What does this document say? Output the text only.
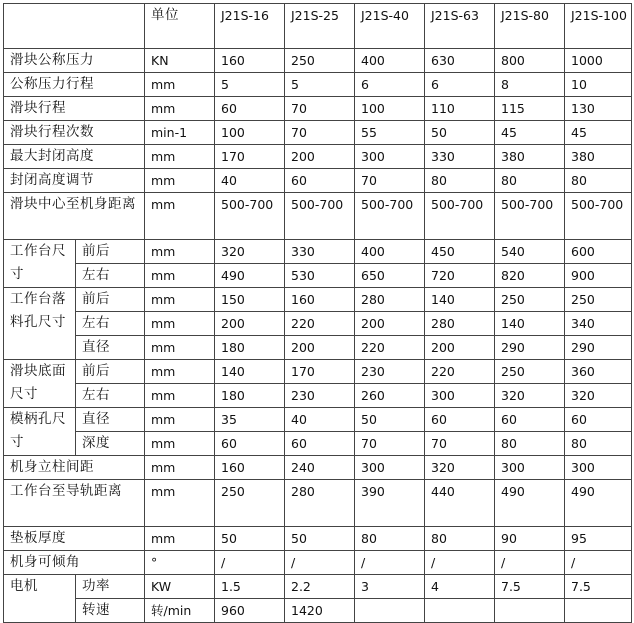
		单位	J21S-16	J21S-25	J21S-40	J21S-63	J21S-80	J21S-100
滑块公称压力		KN	160	250	400	630	800	1000
公称压力行程		mm	5	5	6	6	8	10
滑块行程		mm	60	70	100	110	115	130
滑块行程次数		min-1	100	70	55	50	45	45
最大封闭高度		mm	170	200	300	330	380	380
封闭高度调节		mm	40	60	70	80	80	80
滑块中心至机身距离		mm	500-700	500-700	500-700	500-700	500-700	500-700
工作台尺寸	前后	mm	320	330	400	450	540	600
	左右	mm	490	530	650	720	820	900
工作台落料孔尺寸	前后	mm	150	160	280	140	250	250
	左右	mm	200	220	200	280	140	340
	直径	mm	180	200	220	200	290	290
滑块底面尺寸	前后	mm	140	170	230	220	250	360
	左右	mm	180	230	260	300	320	320
模柄孔尺寸	直径	mm	35	40	50	60	60	60
	深度	mm	60	60	70	70	80	80
机身立柱间距		mm	160	240	300	320	300	300
工作台至导轨距离		mm	250	280	390	440	490	490
垫板厚度		mm	50	50	80	80	90	95
机身可倾角		°	/	/	/	/	/	/
电机	功率	KW	1.5	2.2	3	4	7.5	7.5
	转速	转/min	960	1420				
